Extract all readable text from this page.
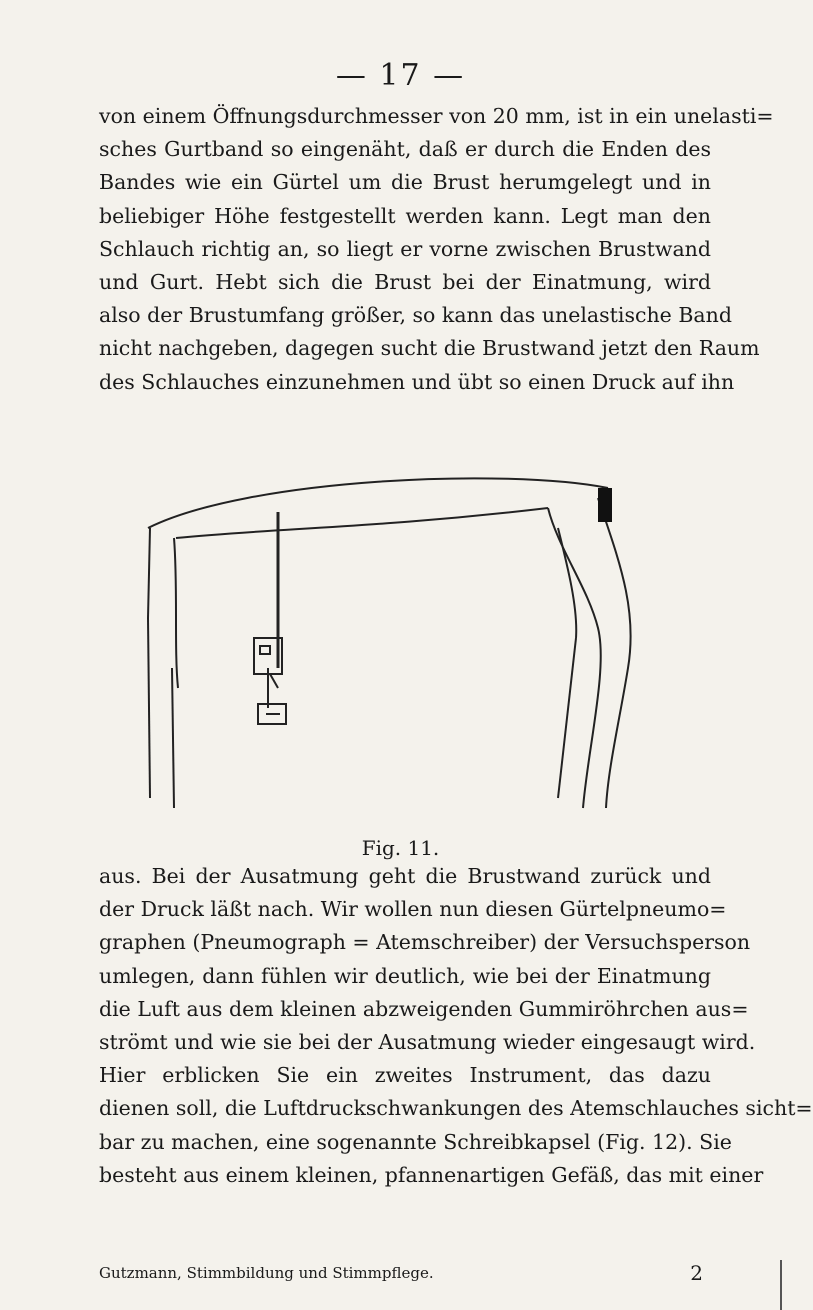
— 17 —
von einem Öffnungsdurchmesser von 20 mm, ist in ein unelasti=
sches Gurtband so eingenäht, daß er durch die Enden des
Bandes wie ein Gürtel um die Brust herumgelegt und in
beliebiger Höhe festgestellt werden kann. Legt man den
Schlauch richtig an, so liegt er vorne zwischen Brustwand
und Gurt. Hebt sich die Brust bei der Einatmung, wird
also der Brustumfang größer, so kann das unelastische Band
nicht nachgeben, dagegen sucht die Brustwand jetzt den Raum
des Schlauches einzunehmen und übt so einen Druck auf ihn
Fig. 11.
aus. Bei der Ausatmung geht die Brustwand zurück und
der Druck läßt nach. Wir wollen nun diesen Gürtelpneumo=
graphen (Pneumograph = Atemschreiber) der Versuchsperson
umlegen, dann fühlen wir deutlich, wie bei der Einatmung
die Luft aus dem kleinen abzweigenden Gummiröhrchen aus=
strömt und wie sie bei der Ausatmung wieder eingesaugt wird.
Hier erblicken Sie ein zweites Instrument, das dazu
dienen soll, die Luftdruckschwankungen des Atemschlauches sicht=
bar zu machen, eine sogenannte Schreibkapsel (Fig. 12). Sie
besteht aus einem kleinen, pfannenartigen Gefäß, das mit einer
Gutzmann, Stimmbildung und Stimmpflege.	2
